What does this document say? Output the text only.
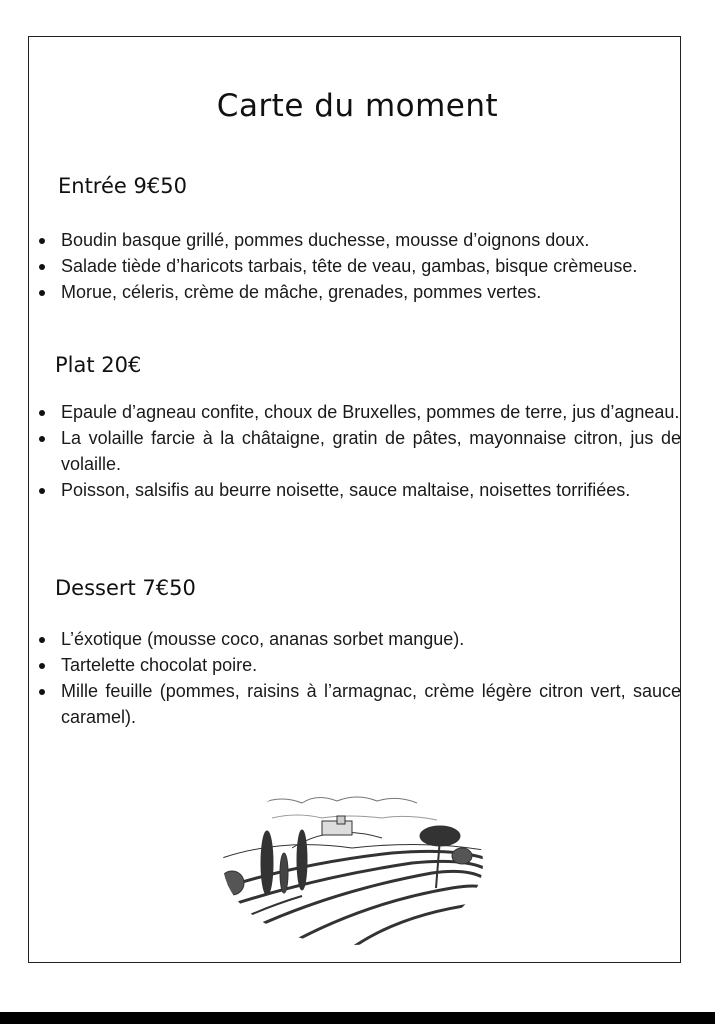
Carte du moment
Entrée 9€50
Boudin basque grillé, pommes duchesse, mousse d’oignons doux.
Salade tiède d’haricots tarbais, tête de veau, gambas, bisque crèmeuse.
Morue, céleris, crème de mâche, grenades, pommes vertes.
Plat 20€
Epaule d’agneau confite, choux de Bruxelles, pommes de terre, jus d’agneau.
La volaille farcie à la châtaigne, gratin de pâtes, mayonnaise citron, jus de volaille.
Poisson, salsifis au beurre noisette, sauce maltaise, noisettes torrifiées.
Dessert 7€50
L’éxotique (mousse coco, ananas sorbet mangue).
Tartelette chocolat poire.
Mille feuille (pommes, raisins à l’armagnac, crème légère citron vert, sauce caramel).
